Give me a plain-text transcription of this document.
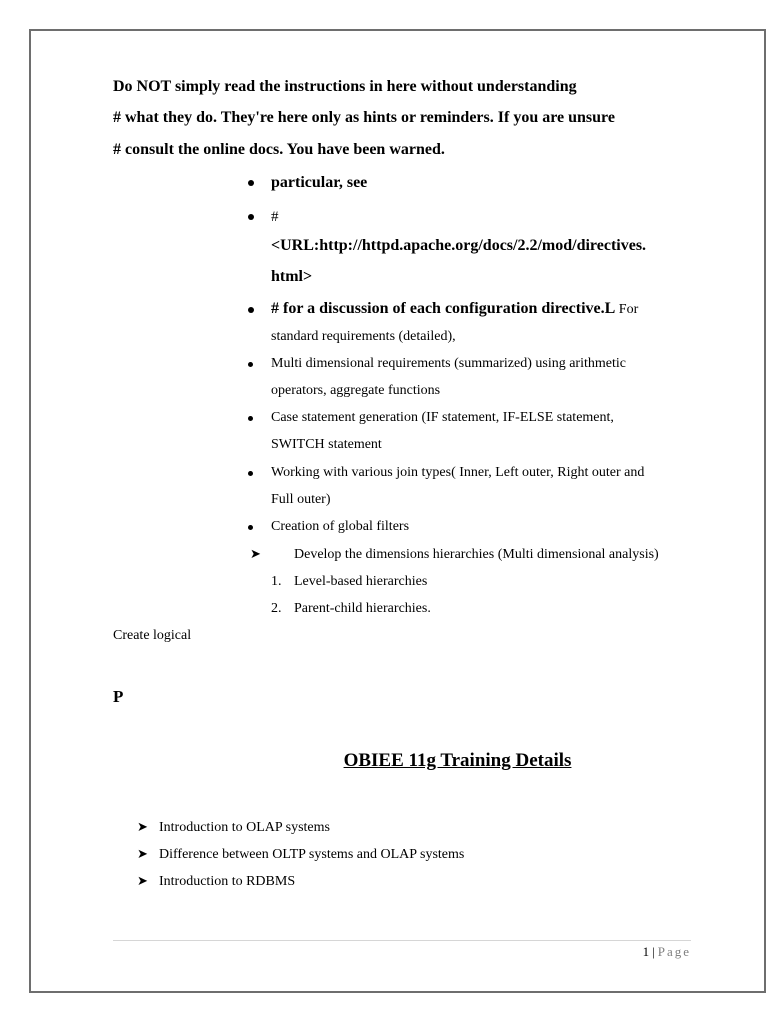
Do NOT simply read the instructions in here without understanding
# what they do. They're here only as hints or reminders. If you are unsure
# consult the online docs. You have been warned.
particular, see
#
<URL:http://httpd.apache.org/docs/2.2/mod/directives.
html>
# for a discussion of each configuration directive.L For
standard requirements (detailed),
Multi dimensional requirements (summarized) using arithmetic
operators, aggregate functions
Case statement generation (IF statement, IF-ELSE statement,
SWITCH statement
Working with various join types( Inner, Left outer, Right outer and
Full outer)
Creation of global filters
➤ Develop the dimensions hierarchies (Multi dimensional analysis)
1. Level-based hierarchies
2. Parent-child hierarchies.
Create logical
P
OBIEE 11g Training Details
➤ Introduction to OLAP systems
➤ Difference between OLTP systems and OLAP systems
➤ Introduction to RDBMS
1 | Page
